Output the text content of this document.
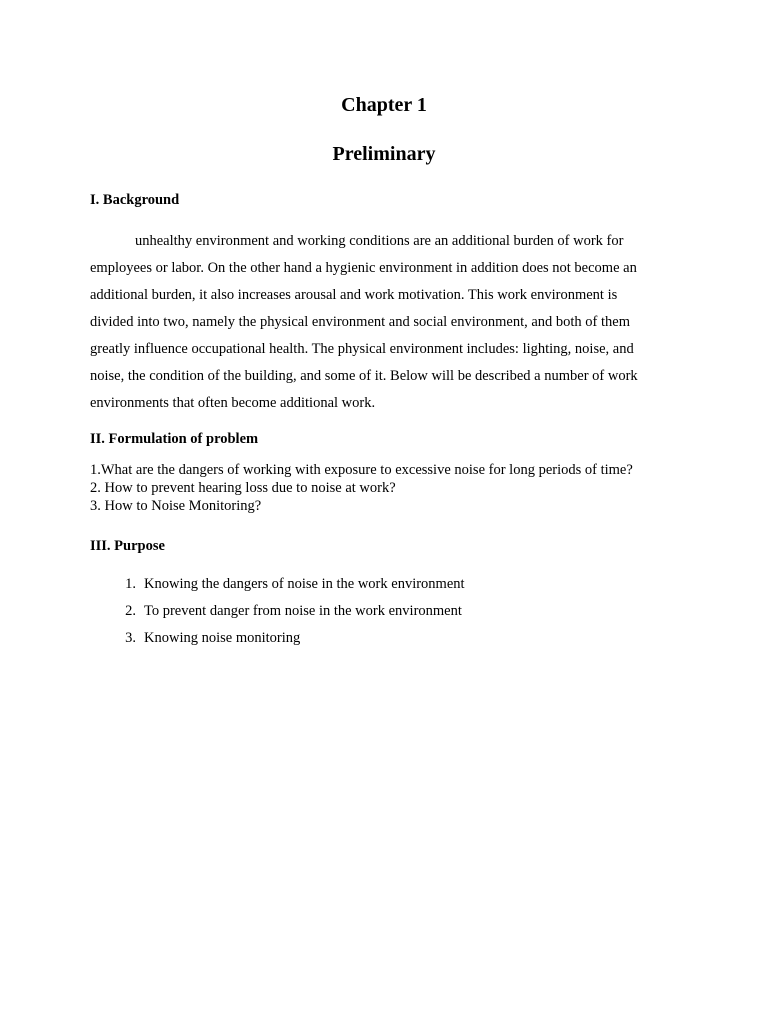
Chapter 1
Preliminary
I. Background

unhealthy environment and working conditions are an additional burden of work for
employees or labor. On the other hand a hygienic environment in addition does not become an
additional burden, it also increases arousal and work motivation. This work environment is
divided into two, namely the physical environment and social environment, and both of them
greatly influence occupational health. The physical environment includes: lighting, noise, and
noise, the condition of the building, and some of it. Below will be described a number of work
environments that often become additional work.

II. Formulation of problem
1.What are the dangers of working with exposure to excessive noise for long periods of time?
2. How to prevent hearing loss due to noise at work?
3. How to Noise Monitoring?
III. Purpose
1. Knowing the dangers of noise in the work environment
2. To prevent danger from noise in the work environment
3. Knowing noise monitoring
